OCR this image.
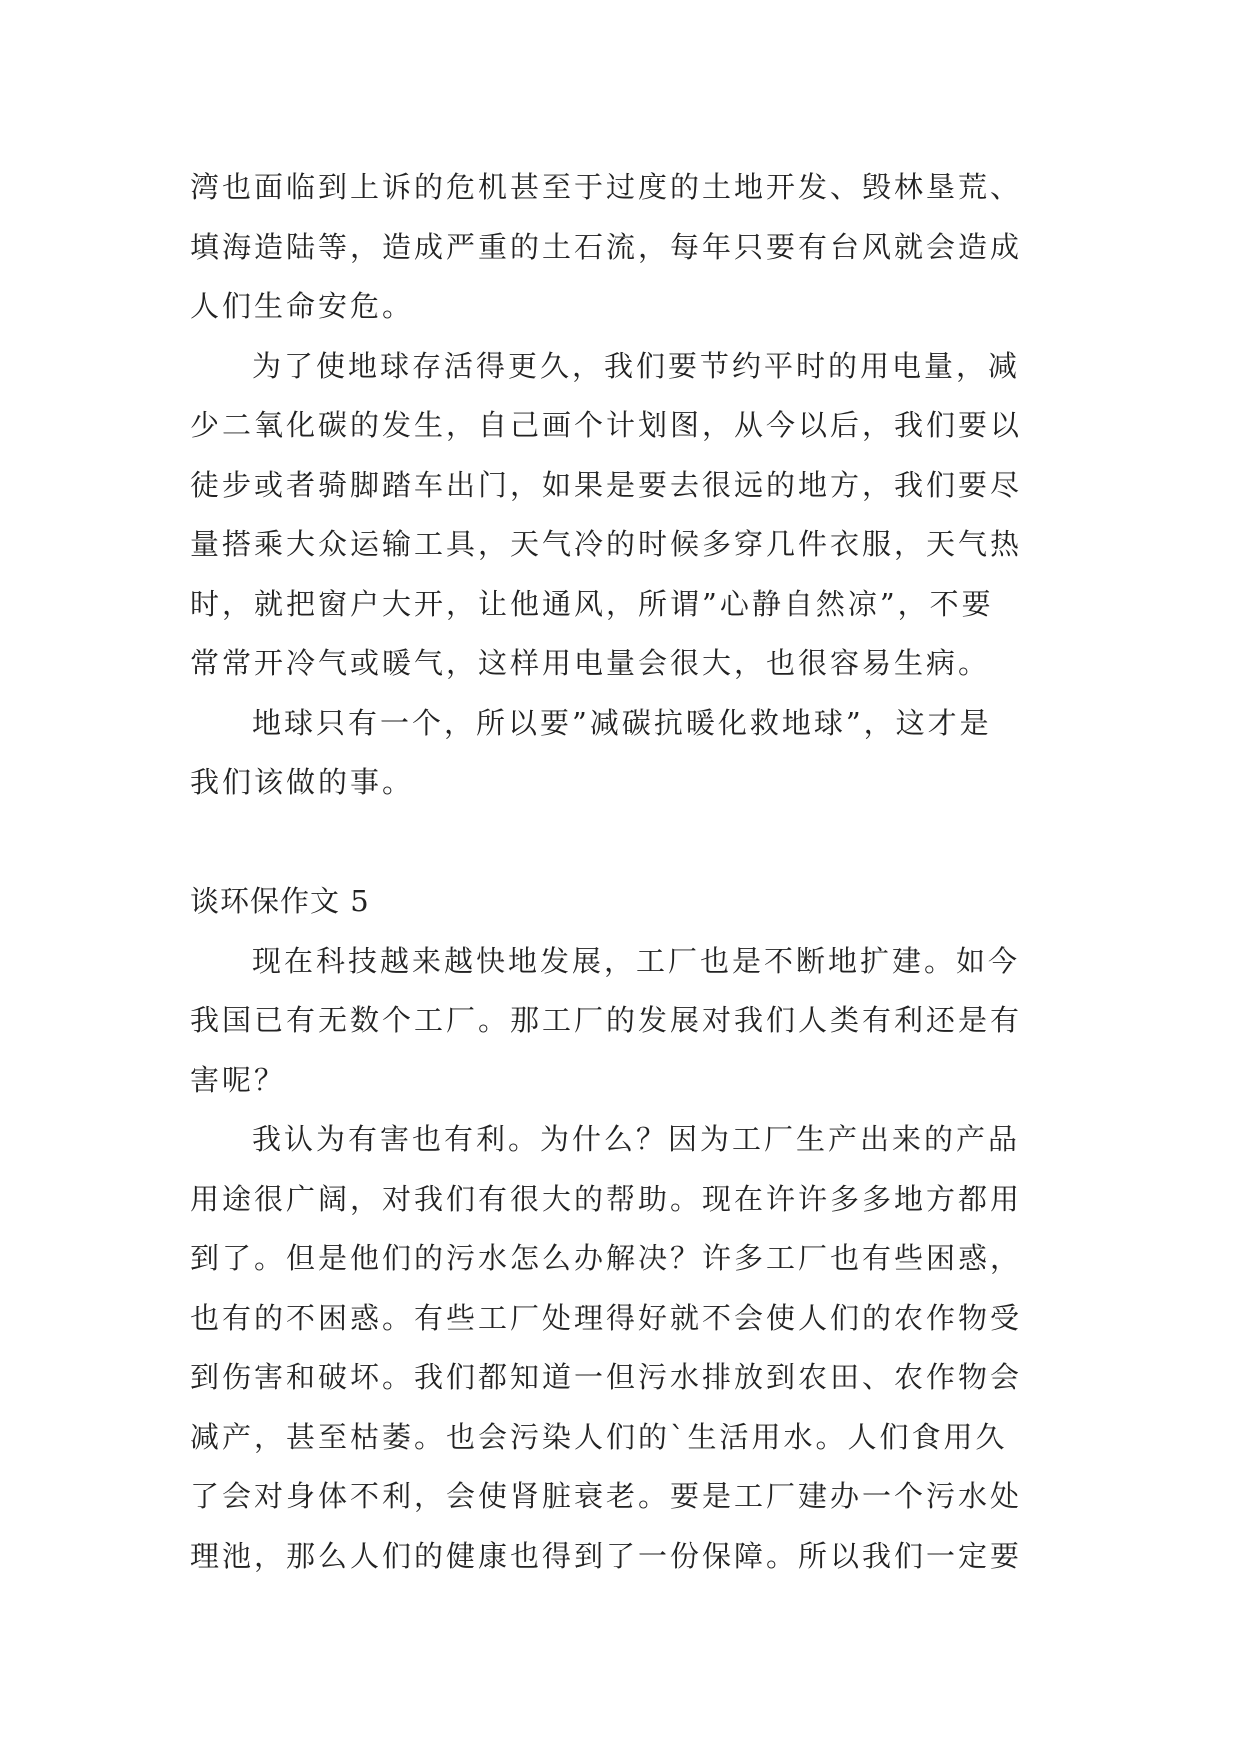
湾也面临到上诉的危机甚至于过度的土地开发、毁林垦荒、
填海造陆等，造成严重的土石流，每年只要有台风就会造成
人们生命安危。
为了使地球存活得更久，我们要节约平时的用电量，减
少二氧化碳的发生，自己画个计划图，从今以后，我们要以
徒步或者骑脚踏车出门，如果是要去很远的地方，我们要尽
量搭乘大众运输工具，天气冷的时候多穿几件衣服，天气热
时，就把窗户大开，让他通风，所谓”心静自然凉”，不要
常常开冷气或暖气，这样用电量会很大，也很容易生病。
地球只有一个，所以要”减碳抗暖化救地球”，这才是
我们该做的事。
谈环保作文 5
现在科技越来越快地发展，工厂也是不断地扩建。如今
我国已有无数个工厂。那工厂的发展对我们人类有利还是有
害呢？
我认为有害也有利。为什么？因为工厂生产出来的产品
用途很广阔，对我们有很大的帮助。现在许许多多地方都用
到了。但是他们的污水怎么办解决？许多工厂也有些困惑，
也有的不困惑。有些工厂处理得好就不会使人们的农作物受
到伤害和破坏。我们都知道一但污水排放到农田、农作物会
减产，甚至枯萎。也会污染人们的`生活用水。人们食用久
了会对身体不利，会使肾脏衰老。要是工厂建办一个污水处
理池，那么人们的健康也得到了一份保障。所以我们一定要
